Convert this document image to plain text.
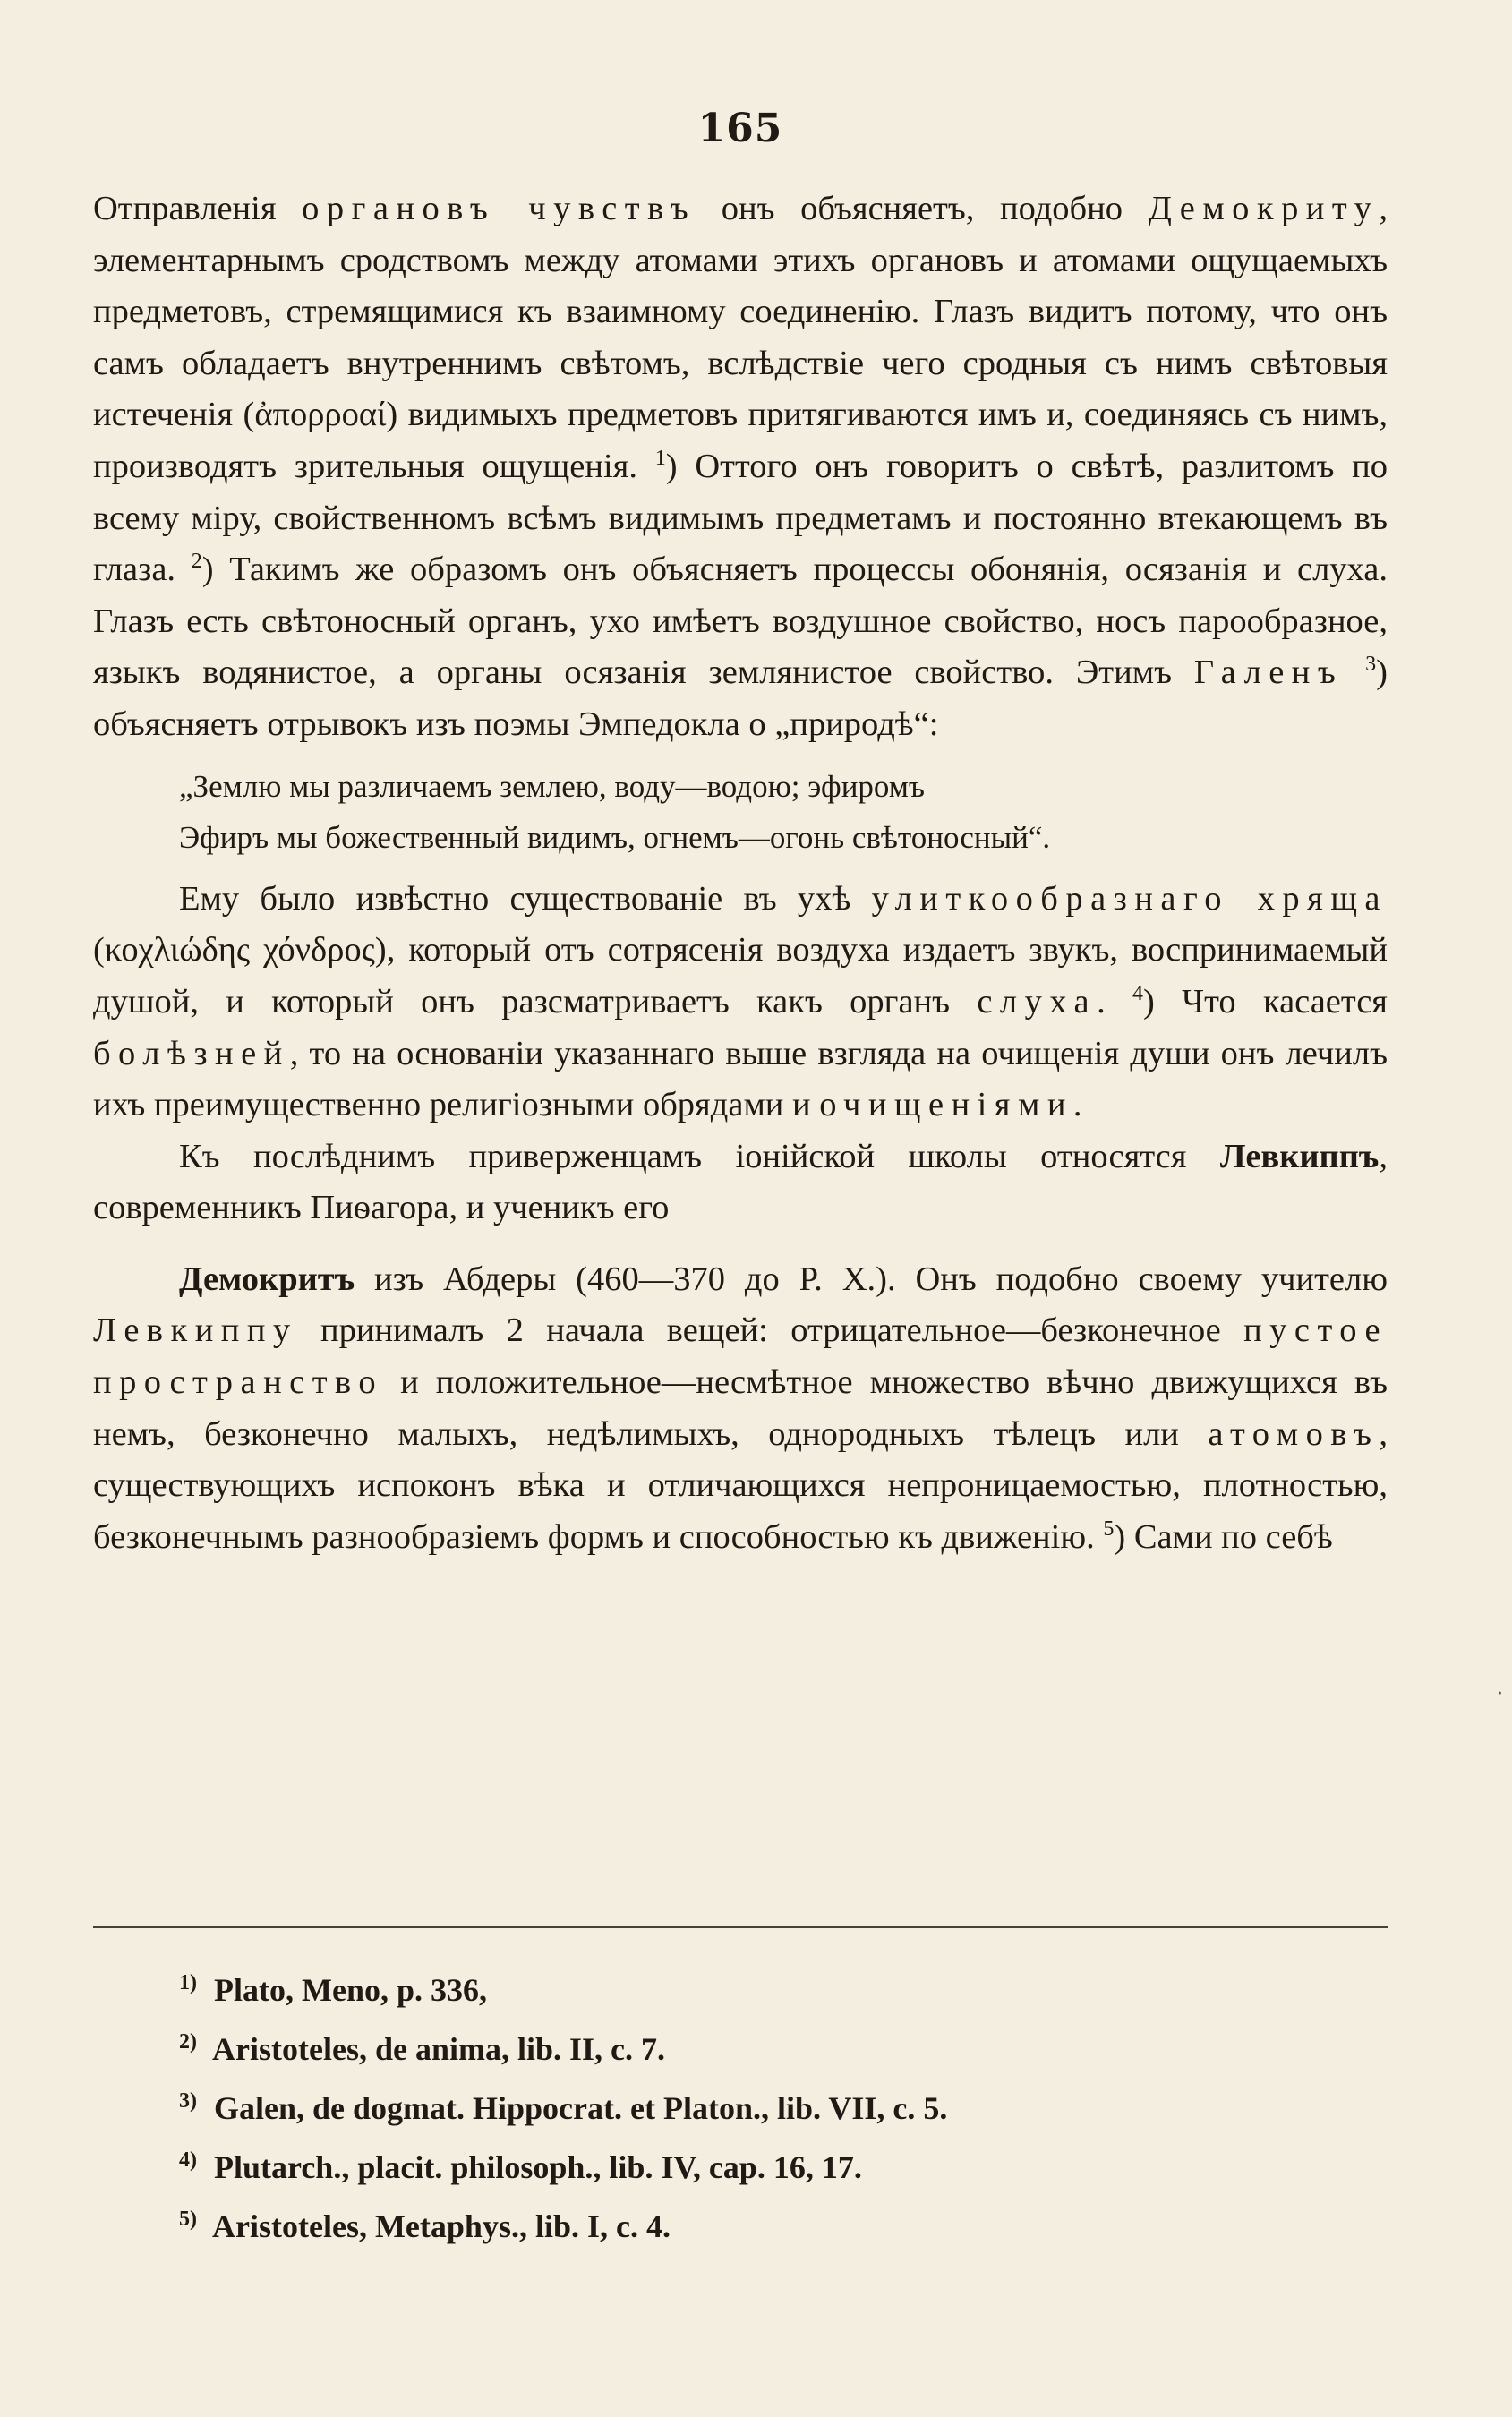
165

Отправленія органовъ чувствъ онъ объясняетъ, подобно Демокриту, элементарнымъ сродствомъ между атомами этихъ органовъ и атомами ощущаемыхъ предметовъ, стремящимися къ взаимному соединенію. Глазъ видитъ потому, что онъ самъ обладаетъ внутреннимъ свѣтомъ, вслѣдствіе чего сродныя съ нимъ свѣтовыя истеченія (ἀπορροαί) видимыхъ предметовъ притягиваются имъ и, соединяясь съ нимъ, производятъ зрительныя ощущенія. $^1$) Оттого онъ говоритъ о свѣтѣ, разлитомъ по всему міру, свойственномъ всѣмъ видимымъ предметамъ и постоянно втекающемъ въ глаза. $^2$) Такимъ же образомъ онъ объясняетъ процессы обонянія, осязанія и слуха. Глазъ есть свѣтоносный органъ, ухо имѣетъ воздушное свойство, носъ парообразное, языкъ водянистое, а органы осязанія землянистое свойство. Этимъ Галенъ $^3$) объясняетъ отрывокъ изъ поэмы Эмпедокла о „природѣ“:

„Землю мы различаемъ землею, воду—водою; эфиромъ
Эфиръ мы божественный видимъ, огнемъ—огонь свѣтоносный“.

Ему было извѣстно существованіе въ ухѣ улиткообразнаго хряща (κοχλιώδης χόνδρος), который отъ сотрясенія воздуха издаетъ звукъ, воспринимаемый душой, и который онъ разсматриваетъ какъ органъ слуха. $^4$) Что касается болѣзней, то на основаніи указаннаго выше взгляда на очищенія души онъ лечилъ ихъ преимущественно религіозными обрядами и очищеніями.

Къ послѣднимъ приверженцамъ іонійской школы относятся Левкиппъ, современникъ Пиѳагора, и ученикъ его

Демокритъ изъ Абдеры (460—370 до Р. Х.). Онъ подобно своему учителю Левкиппу принималъ 2 начала вещей: отрицательное—безконечное пустое пространство и положительное—несмѣтное множество вѣчно движущихся въ немъ, безконечно малыхъ, недѣлимыхъ, однородныхъ тѣлецъ или атомовъ, существующихъ испоконъ вѣка и отличающихся непроницаемостью, плотностью, безконечнымъ разнообразіемъ формъ и способностью къ движенію. $^5$) Сами по себѣ

1) Plato, Meno, p. 336,
2) Aristoteles, de anima, lib. II, c. 7.
3) Galen, de dogmat. Hippocrat. et Platon., lib. VII, c. 5.
4) Plutarch., placit. philosoph., lib. IV, cap. 16, 17.
5) Aristoteles, Metaphys., lib. I, c. 4.
·
